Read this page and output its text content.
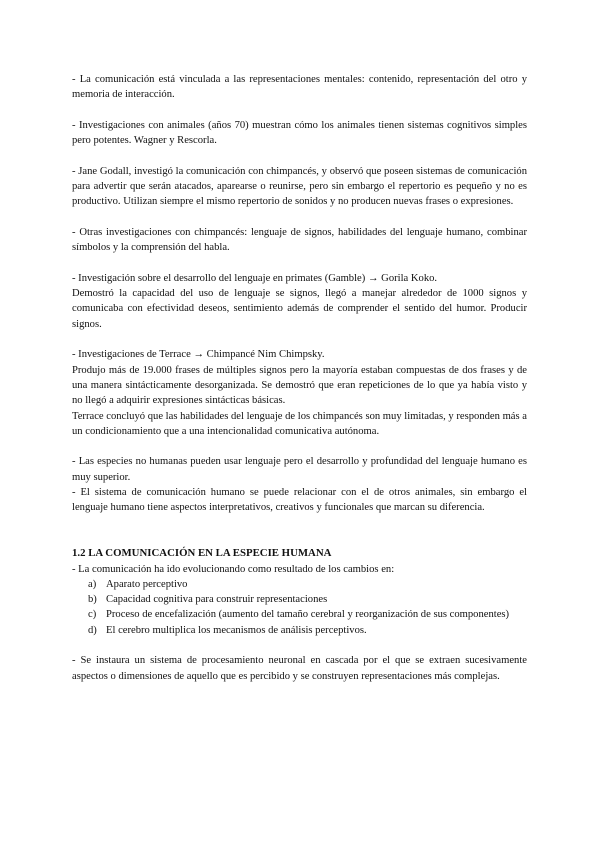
- La comunicación está vinculada a las representaciones mentales: contenido, representación del otro y memoria de interacción.

- Investigaciones con animales (años 70) muestran cómo los animales tienen sistemas cognitivos simples pero potentes. Wagner y Rescorla.

- Jane Godall, investigó la comunicación con chimpancés, y observó que poseen sistemas de comunicación para advertir que serán atacados, aparearse o reunirse, pero sin embargo el repertorio es pequeño y no es productivo. Utilizan siempre el mismo repertorio de sonidos y no producen nuevas frases o expresiones.

- Otras investigaciones con chimpancés: lenguaje de signos, habilidades del lenguaje humano, combinar símbolos y la comprensión del habla.

- Investigación sobre el desarrollo del lenguaje en primates (Gamble) → Gorila Koko.

Demostró la capacidad del uso de lenguaje se signos, llegó a manejar alrededor de 1000 signos y comunicaba con efectividad deseos, sentimiento además de comprender el sentido del humor. Producir signos.

- Investigaciones de Terrace → Chimpancé Nim Chimpsky.

Produjo más de 19.000 frases de múltiples signos pero la mayoría estaban compuestas de dos frases y de una manera sintácticamente desorganizada. Se demostró que eran repeticiones de lo que ya había visto y no llegó a adquirir expresiones sintácticas básicas.

Terrace concluyó que las habilidades del lenguaje de los chimpancés son muy limitadas, y responden más a un condicionamiento que a una intencionalidad comunicativa autónoma.

- Las especies no humanas pueden usar lenguaje pero el desarrollo y profundidad del lenguaje humano es muy superior.

- El sistema de comunicación humano se puede relacionar con el de otros animales, sin embargo el lenguaje humano tiene aspectos interpretativos, creativos y funcionales que marcan su diferencia.

1.2 LA COMUNICACIÓN EN LA ESPECIE HUMANA

- La comunicación ha ido evolucionando como resultado de los cambios en:

a) Aparato perceptivo
b) Capacidad cognitiva para construir representaciones
c) Proceso de encefalización (aumento del tamaño cerebral y reorganización de sus componentes)
d) El cerebro multiplica los mecanismos de análisis perceptivos.

- Se instaura un sistema de procesamiento neuronal en cascada por el que se extraen sucesivamente aspectos o dimensiones de aquello que es percibido y se construyen representaciones más complejas.
